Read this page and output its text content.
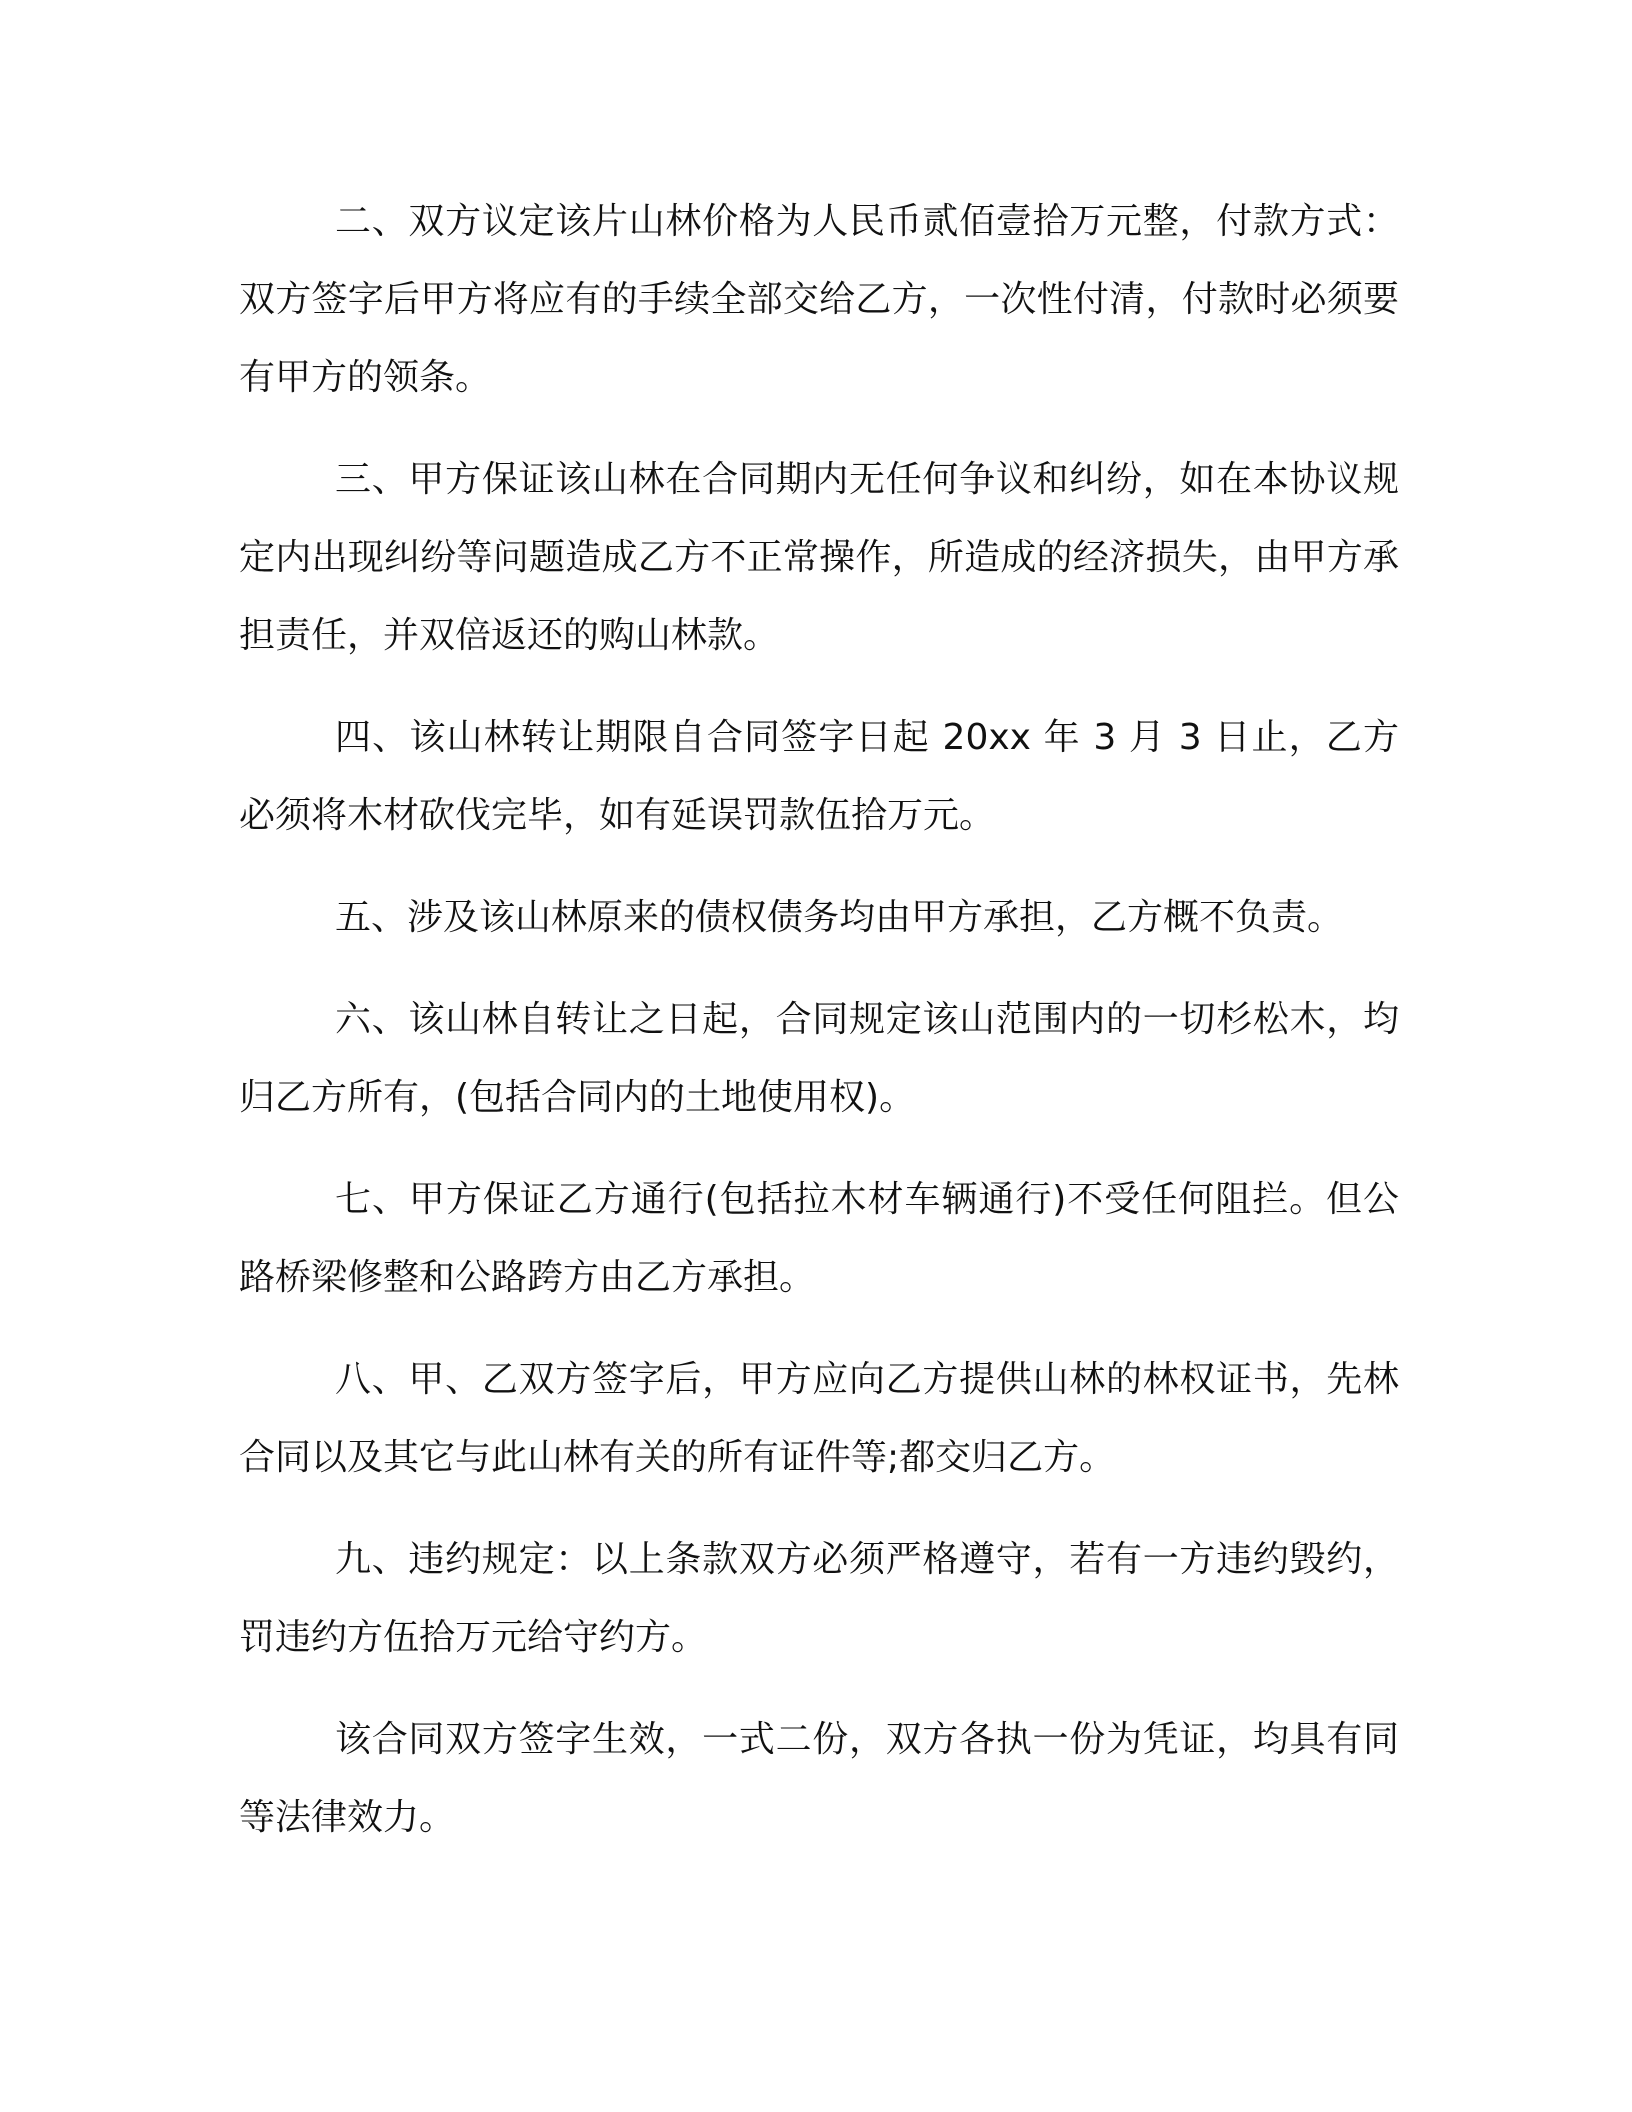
二、双方议定该片山林价格为人民币贰佰壹拾万元整，付款方式：双方签字后甲方将应有的手续全部交给乙方，一次性付清，付款时必须要有甲方的领条。

三、甲方保证该山林在合同期内无任何争议和纠纷，如在本协议规定内出现纠纷等问题造成乙方不正常操作，所造成的经济损失，由甲方承担责任，并双倍返还的购山林款。

四、该山林转让期限自合同签字日起 20xx 年 3 月 3 日止，乙方必须将木材砍伐完毕，如有延误罚款伍拾万元。

五、涉及该山林原来的债权债务均由甲方承担，乙方概不负责。

六、该山林自转让之日起，合同规定该山范围内的一切杉松木，均归乙方所有，(包括合同内的土地使用权)。

七、甲方保证乙方通行(包括拉木材车辆通行)不受任何阻拦。但公路桥梁修整和公路跨方由乙方承担。

八、甲、乙双方签字后，甲方应向乙方提供山林的林权证书，先林合同以及其它与此山林有关的所有证件等;都交归乙方。

九、违约规定：以上条款双方必须严格遵守，若有一方违约毁约，罚违约方伍拾万元给守约方。

该合同双方签字生效，一式二份，双方各执一份为凭证，均具有同等法律效力。
